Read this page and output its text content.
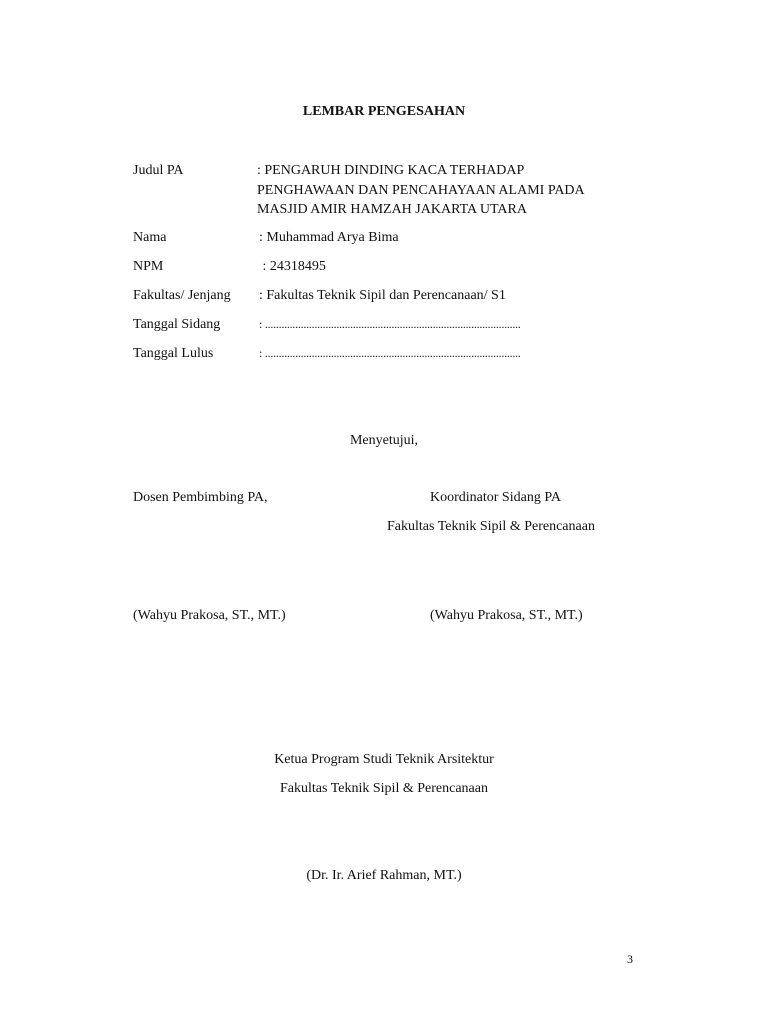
LEMBAR PENGESAHAN
Judul PA	: PENGARUH DINDING KACA TERHADAP
PENGHAWAAN DAN PENCAHAYAAN ALAMI PADA
MASJID AMIR HAMZAH JAKARTA UTARA
Nama	: Muhammad Arya Bima
NPM	: 24318495
Fakultas/ Jenjang : Fakultas Teknik Sipil dan Perencanaan/ S1
Tanggal Sidang	: .............................................................................................
Tanggal Lulus	: .............................................................................................
Menyetujui,
Dosen Pembimbing PA,
(Wahyu Prakosa, ST., MT.)
Koordinator Sidang PA
Fakultas Teknik Sipil & Perencanaan
(Wahyu Prakosa, ST., MT.)
Ketua Program Studi Teknik Arsitektur
Fakultas Teknik Sipil & Perencanaan
(Dr. Ir. Arief Rahman, MT.)
3
